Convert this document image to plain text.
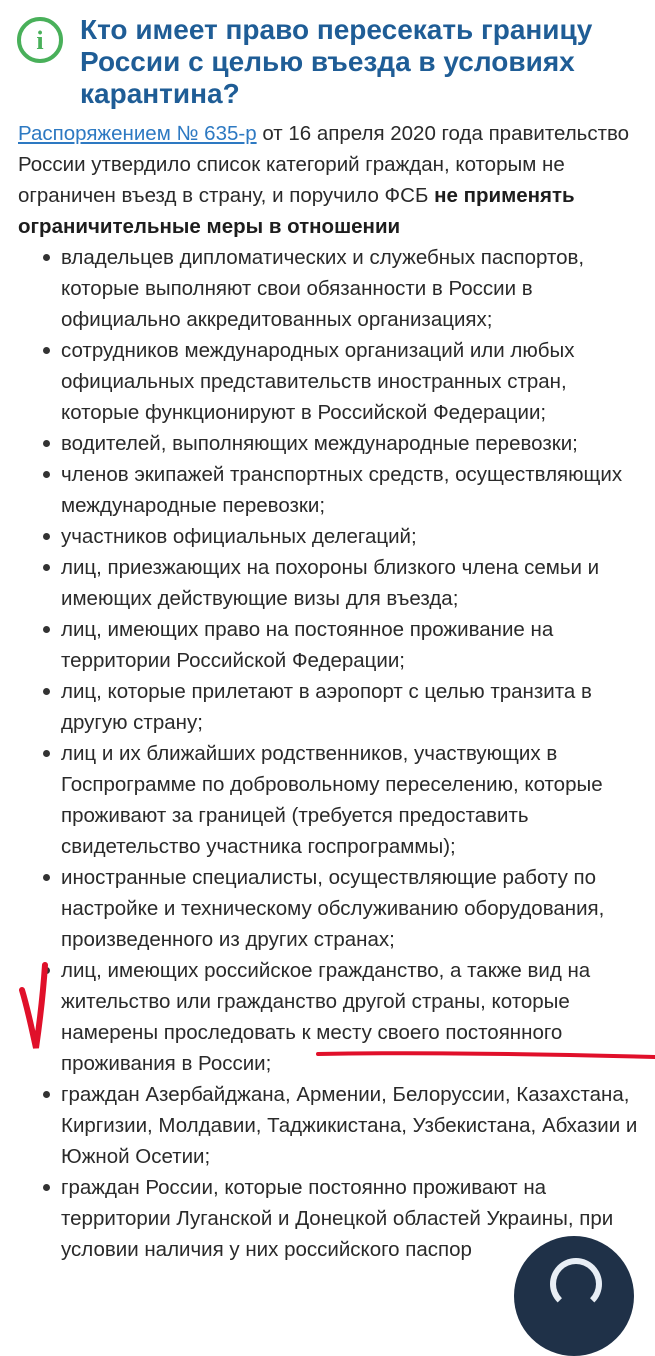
i Кто имеет право пересекать границу России с целью въезда в условиях карантина?

Распоряжением № 635-р от 16 апреля 2020 года правительство России утвердило список категорий граждан, которым не ограничен въезд в страну, и поручило ФСБ не применять ограничительные меры в отношении

владельцев дипломатических и служебных паспортов, которые выполняют свои обязанности в России в официально аккредитованных организациях;
сотрудников международных организаций или любых официальных представительств иностранных стран, которые функционируют в Российской Федерации;
водителей, выполняющих международные перевозки;
членов экипажей транспортных средств, осуществляющих международные перевозки;
участников официальных делегаций;
лиц, приезжающих на похороны близкого члена семьи и имеющих действующие визы для въезда;
лиц, имеющих право на постоянное проживание на территории Российской Федерации;
лиц, которые прилетают в аэропорт с целью транзита в другую страну;
лиц и их ближайших родственников, участвующих в Госпрограмме по добровольному переселению, которые проживают за границей (требуется предоставить свидетельство участника госпрограммы);
иностранные специалисты, осуществляющие работу по настройке и техническому обслуживанию оборудования, произведенного из других странах;
лиц, имеющих российское гражданство, а также вид на жительство или гражданство другой страны, которые намерены проследовать к месту своего постоянного проживания в России;
граждан Азербайджана, Армении, Белоруссии, Казахстана, Киргизии, Молдавии, Таджикистана, Узбекистана, Абхазии и Южной Осетии;
граждан России, которые постоянно проживают на территории Луганской и Донецкой областей Украины, при условии наличия у них российского паспор
